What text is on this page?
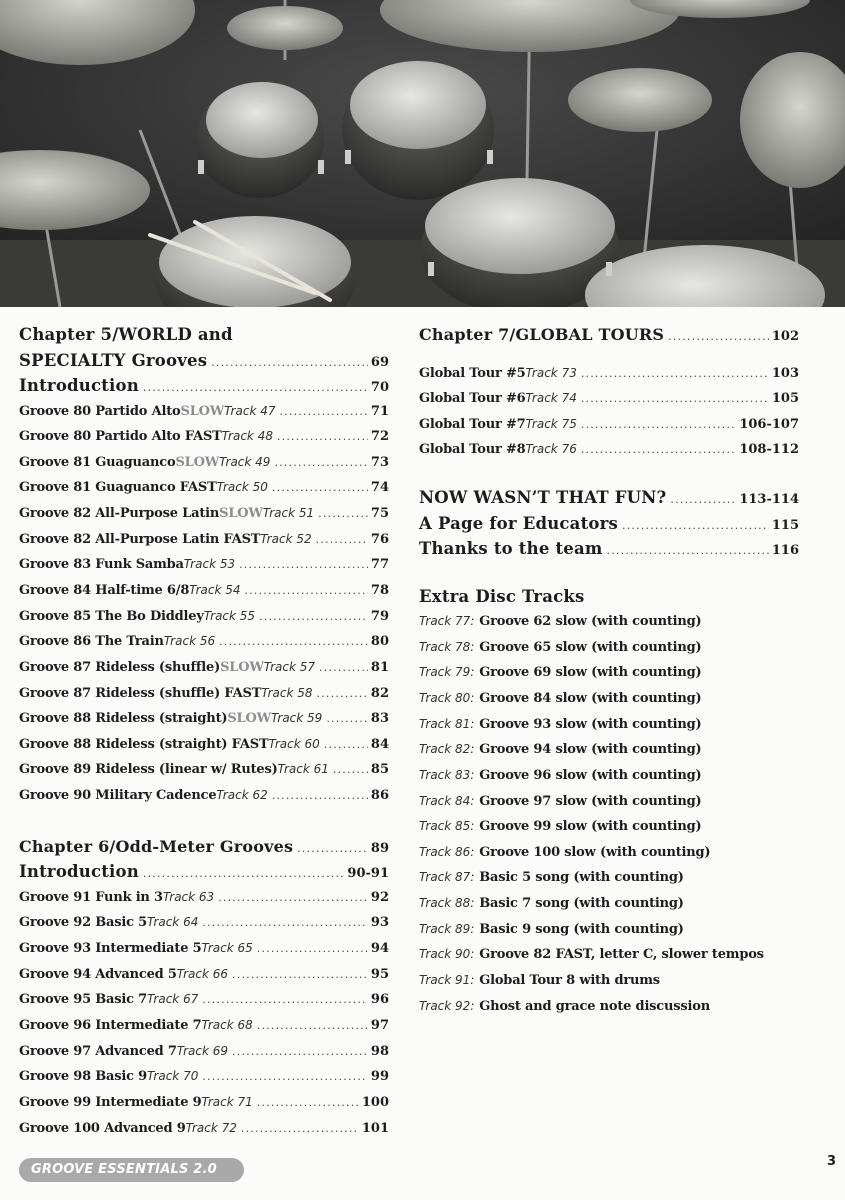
Chapter 5/WORLD and
SPECIALTY Grooves .....	69
Introduction .....	70
Groove 80 Partido Alto SLOW Track 47 .....	71
Groove 80 Partido Alto FAST Track 48 .....	72
Groove 81 Guaguanco SLOW Track 49 .....	73
Groove 81 Guaguanco FAST Track 50 .....	74
Groove 82 All-Purpose Latin SLOW Track 51 .....	75
Groove 82 All-Purpose Latin FAST Track 52 .....	76
Groove 83 Funk Samba Track 53 .....	77
Groove 84 Half-time 6/8 Track 54 .....	78
Groove 85 The Bo Diddley Track 55 .....	79
Groove 86 The Train Track 56 .....	80
Groove 87 Rideless (shuffle) SLOW Track 57 .....	81
Groove 87 Rideless (shuffle) FAST Track 58 .....	82
Groove 88 Rideless (straight) SLOW Track 59 .....	83
Groove 88 Rideless (straight) FAST Track 60 .....	84
Groove 89 Rideless (linear w/ Rutes) Track 61 .....	85
Groove 90 Military Cadence Track 62 .....	86
Chapter 6/Odd-Meter Grooves .....	89
Introduction .....	90-91
Groove 91 Funk in 3 Track 63 .....	92
Groove 92 Basic 5 Track 64 .....	93
Groove 93 Intermediate 5 Track 65 .....	94
Groove 94 Advanced 5 Track 66 .....	95
Groove 95 Basic 7 Track 67 .....	96
Groove 96 Intermediate 7 Track 68 .....	97
Groove 97 Advanced 7 Track 69 .....	98
Groove 98 Basic 9 Track 70 .....	99
Groove 99 Intermediate 9 Track 71 .....	100
Groove 100 Advanced 9 Track 72 .....	101
Chapter 7/GLOBAL TOURS .....	102
Global Tour #5 Track 73 .....	103
Global Tour #6 Track 74 .....	105
Global Tour #7 Track 75 .....	106-107
Global Tour #8 Track 76 .....	108-112
NOW WASN’T THAT FUN? .....	113-114
A Page for Educators .....	115
Thanks to the team .....	116
Extra Disc Tracks
Track 77: Groove 62 slow (with counting)
Track 78: Groove 65 slow (with counting)
Track 79: Groove 69 slow (with counting)
Track 80: Groove 84 slow (with counting)
Track 81: Groove 93 slow (with counting)
Track 82: Groove 94 slow (with counting)
Track 83: Groove 96 slow (with counting)
Track 84: Groove 97 slow (with counting)
Track 85: Groove 99 slow (with counting)
Track 86: Groove 100 slow (with counting)
Track 87: Basic 5 song (with counting)
Track 88: Basic 7 song (with counting)
Track 89: Basic 9 song (with counting)
Track 90: Groove 82 FAST, letter C, slower tempos
Track 91: Global Tour 8 with drums
Track 92: Ghost and grace note discussion
GROOVE ESSENTIALS 2.0
3
